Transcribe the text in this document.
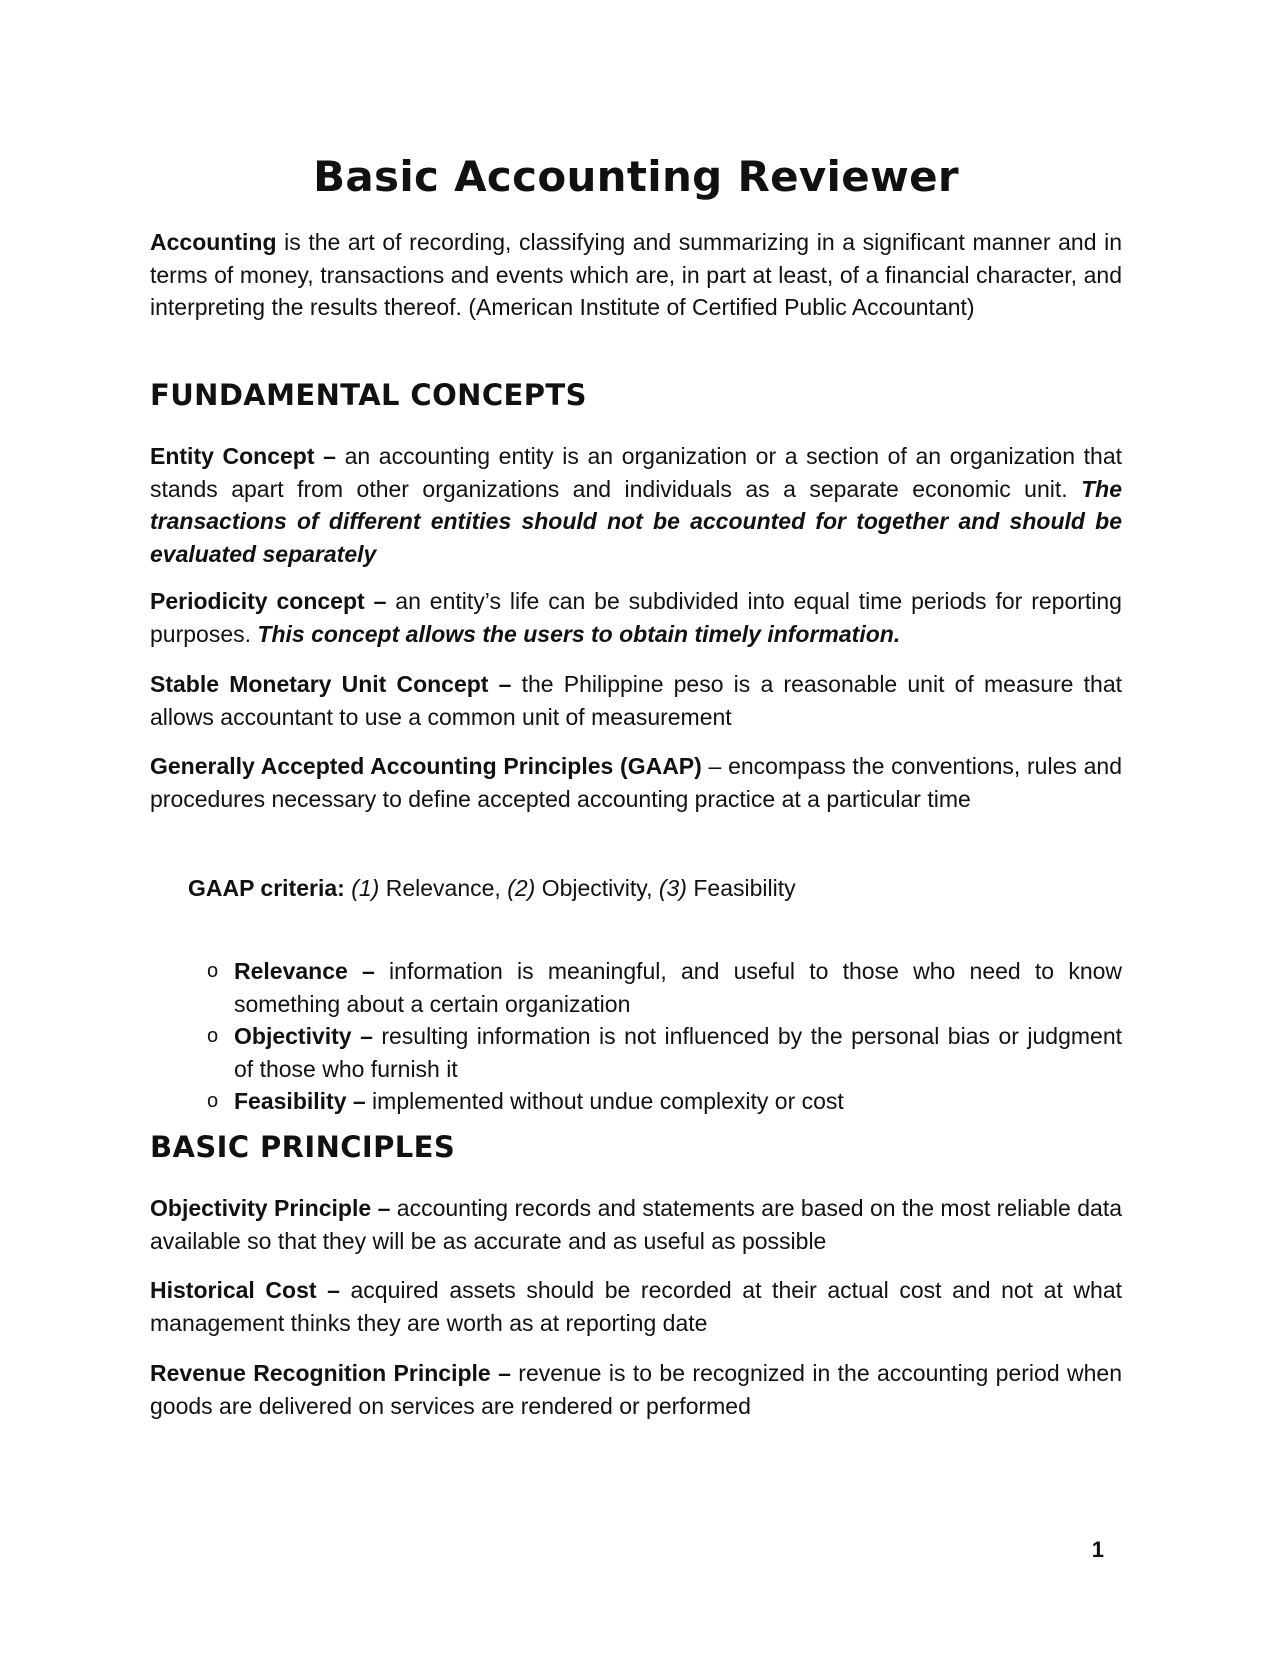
Basic Accounting Reviewer

Accounting is the art of recording, classifying and summarizing in a significant manner and in terms of money, transactions and events which are, in part at least, of a financial character, and interpreting the results thereof. (American Institute of Certified Public Accountant)

FUNDAMENTAL CONCEPTS

Entity Concept – an accounting entity is an organization or a section of an organization that stands apart from other organizations and individuals as a separate economic unit. The transactions of different entities should not be accounted for together and should be evaluated separately

Periodicity concept – an entity’s life can be subdivided into equal time periods for reporting purposes. This concept allows the users to obtain timely information.

Stable Monetary Unit Concept – the Philippine peso is a reasonable unit of measure that allows accountant to use a common unit of measurement

Generally Accepted Accounting Principles (GAAP) – encompass the conventions, rules and procedures necessary to define accepted accounting practice at a particular time

GAAP criteria: (1) Relevance, (2) Objectivity, (3) Feasibility

o Relevance – information is meaningful, and useful to those who need to know something about a certain organization
o Objectivity – resulting information is not influenced by the personal bias or judgment of those who furnish it
o Feasibility – implemented without undue complexity or cost
BASIC PRINCIPLES

Objectivity Principle – accounting records and statements are based on the most reliable data available so that they will be as accurate and as useful as possible

Historical Cost – acquired assets should be recorded at their actual cost and not at what management thinks they are worth as at reporting date

Revenue Recognition Principle – revenue is to be recognized in the accounting period when goods are delivered on services are rendered or performed

1
